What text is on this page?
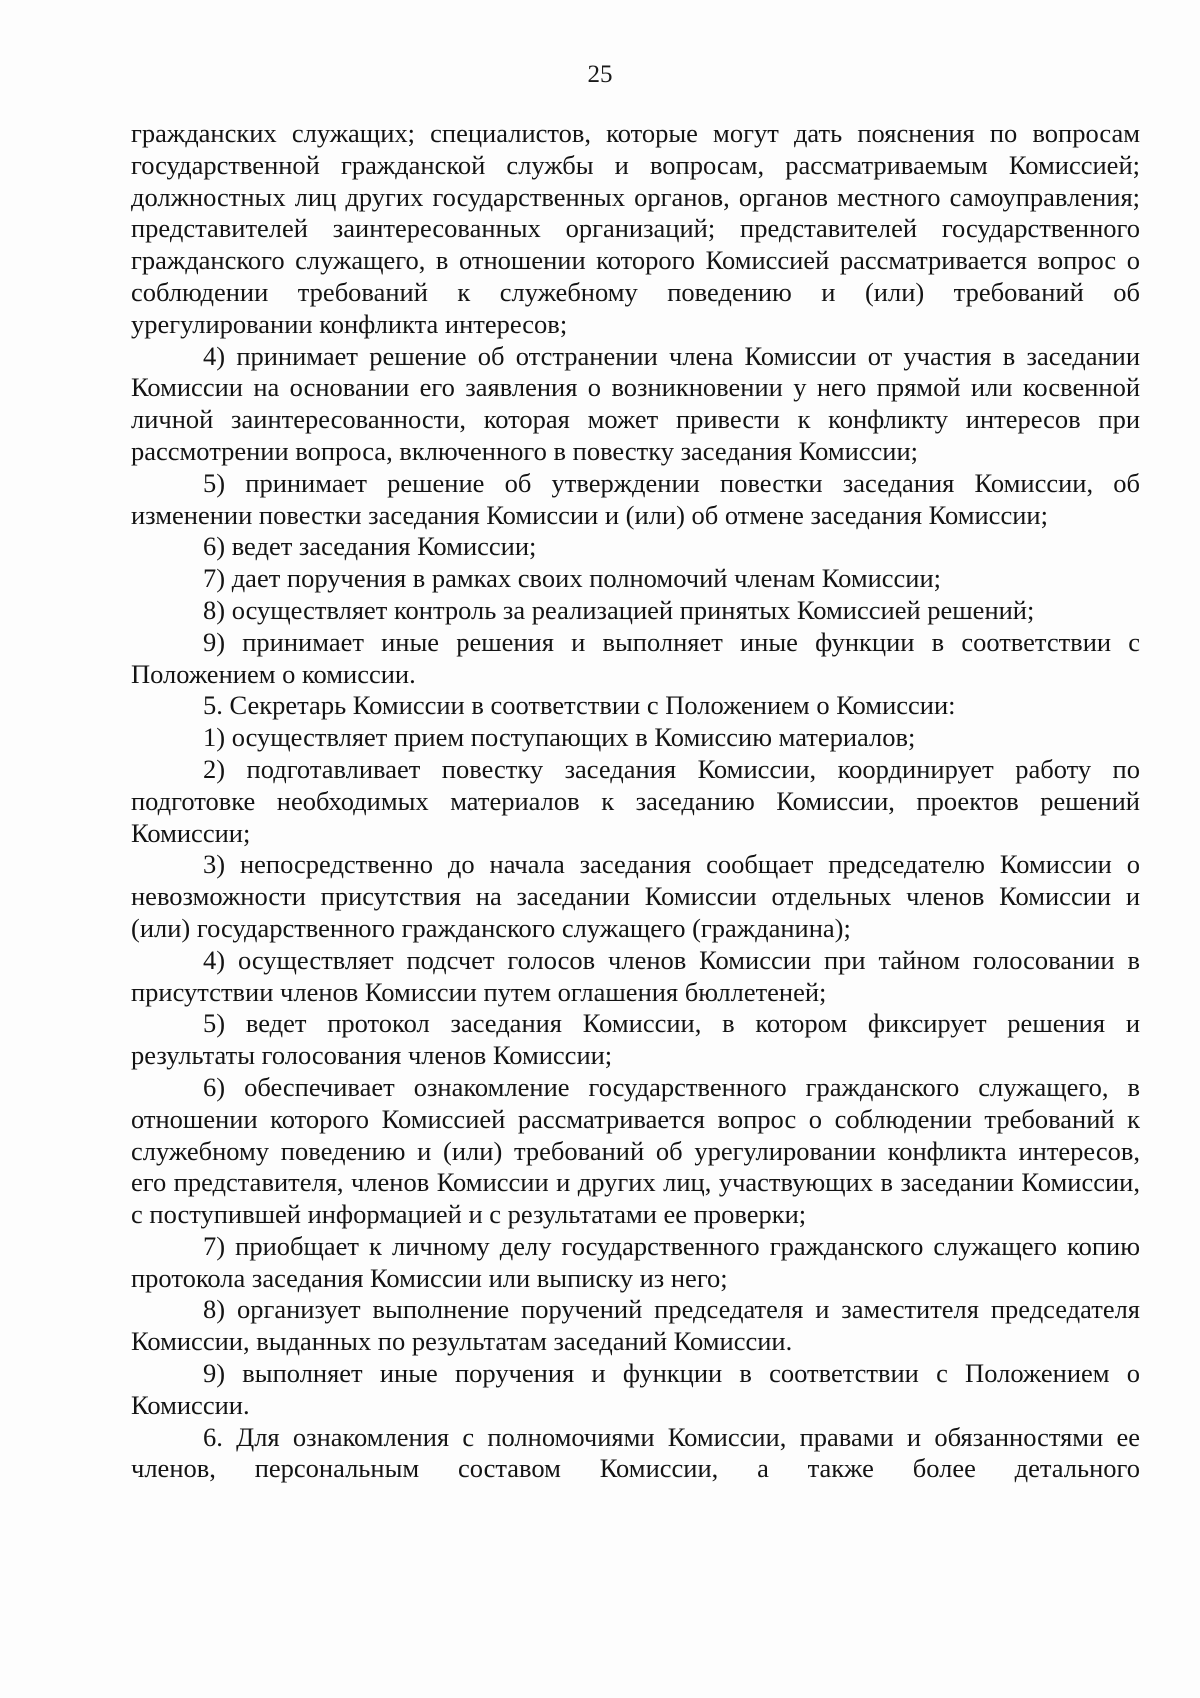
25

гражданских служащих; специалистов, которые могут дать пояснения по вопросам государственной гражданской службы и вопросам, рассматриваемым Комиссией; должностных лиц других государственных органов, органов местного самоуправления; представителей заинтересованных организаций; представителей государственного гражданского служащего, в отношении которого Комиссией рассматривается вопрос о соблюдении требований к служебному поведению и (или) требований об урегулировании конфликта интересов;

4) принимает решение об отстранении члена Комиссии от участия в заседании Комиссии на основании его заявления о возникновении у него прямой или косвенной личной заинтересованности, которая может привести к конфликту интересов при рассмотрении вопроса, включенного в повестку заседания Комиссии;

5) принимает решение об утверждении повестки заседания Комиссии, об изменении повестки заседания Комиссии и (или) об отмене заседания Комиссии;

6) ведет заседания Комиссии;

7) дает поручения в рамках своих полномочий членам Комиссии;

8) осуществляет контроль за реализацией принятых Комиссией решений;

9) принимает иные решения и выполняет иные функции в соответствии с Положением о комиссии.

5. Секретарь Комиссии в соответствии с Положением о Комиссии:

1) осуществляет прием поступающих в Комиссию материалов;

2) подготавливает повестку заседания Комиссии, координирует работу по подготовке необходимых материалов к заседанию Комиссии, проектов решений Комиссии;

3) непосредственно до начала заседания сообщает председателю Комиссии о невозможности присутствия на заседании Комиссии отдельных членов Комиссии и (или) государственного гражданского служащего (гражданина);

4) осуществляет подсчет голосов членов Комиссии при тайном голосовании в присутствии членов Комиссии путем оглашения бюллетеней;

5) ведет протокол заседания Комиссии, в котором фиксирует решения и результаты голосования членов Комиссии;

6) обеспечивает ознакомление государственного гражданского служащего, в отношении которого Комиссией рассматривается вопрос о соблюдении требований к служебному поведению и (или) требований об урегулировании конфликта интересов, его представителя, членов Комиссии и других лиц, участвующих в заседании Комиссии, с поступившей информацией и с результатами ее проверки;

7) приобщает к личному делу государственного гражданского служащего копию протокола заседания Комиссии или выписку из него;

8) организует выполнение поручений председателя и заместителя председателя Комиссии, выданных по результатам заседаний Комиссии.

9) выполняет иные поручения и функции в соответствии с Положением о Комиссии.

6. Для ознакомления с полномочиями Комиссии, правами и обязанностями ее членов, персональным составом Комиссии, а также более детального
